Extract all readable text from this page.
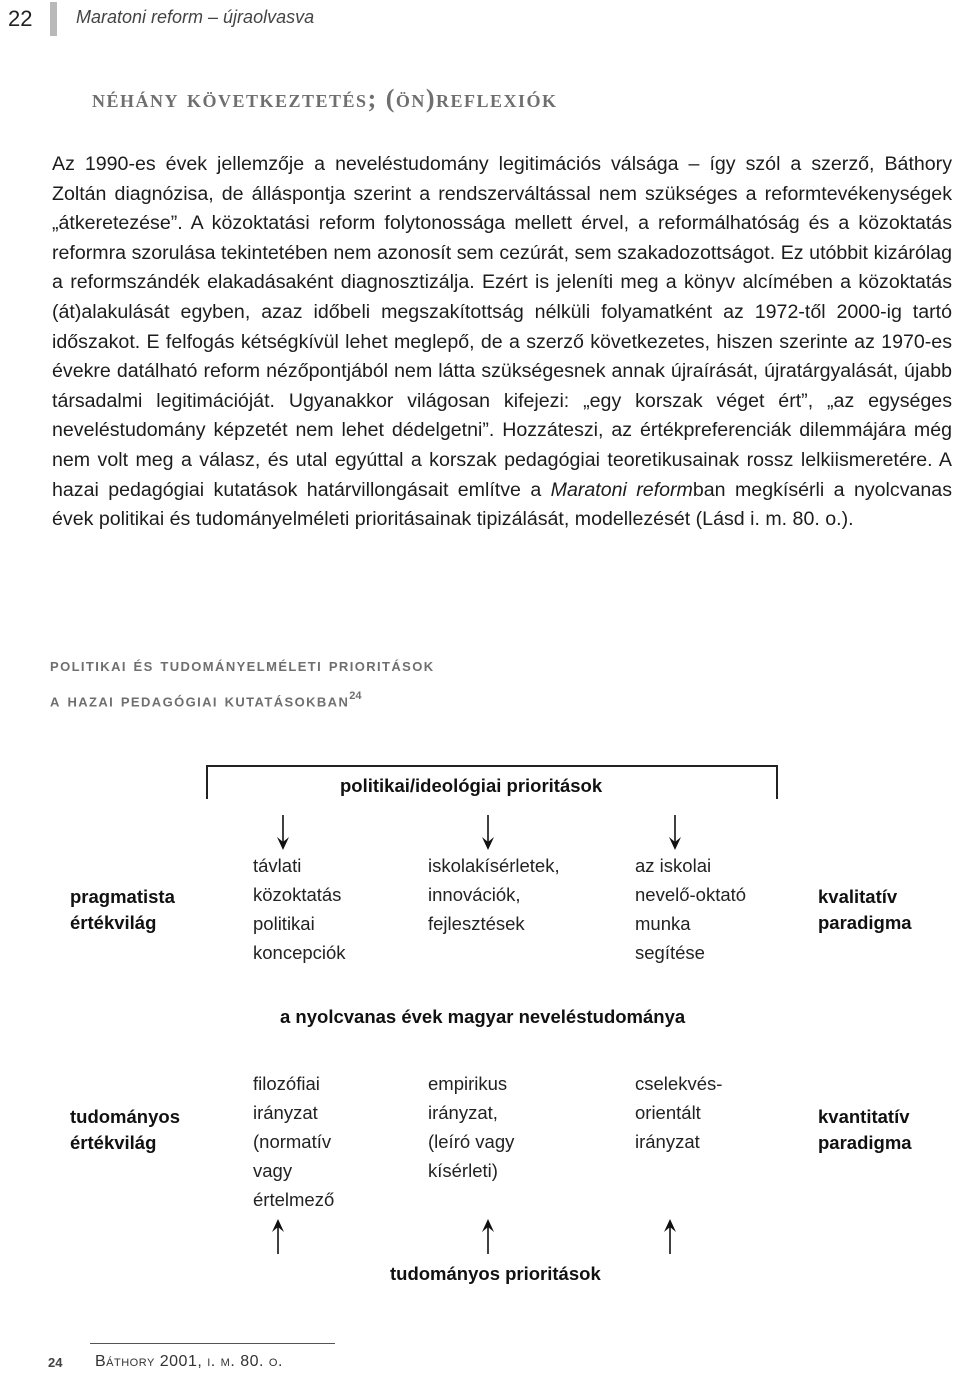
22 Maratoni reform – újraolvasva
néhány következtetés; (ön)reflexiók
Az 1990-es évek jellemzője a neveléstudomány legitimációs válsága – így szól a szerző, Báthory Zoltán diagnózisa, de álláspontja szerint a rendszerváltással nem szükséges a reformtevékenységek „átkeretezése”. A közoktatási reform folytonossága mellett érvel, a reformálhatóság és a közoktatás reformra szorulása tekintetében nem azonosít sem cezúrát, sem szakadozottságot. Ez utóbbit kizárólag a reformszándék elakadásaként diagnosztizálja. Ezért is jeleníti meg a könyv alcímében a közoktatás (át)alakulását egyben, azaz időbeli megszakítottság nélküli folyamatként az 1972-től 2000-ig tartó időszakot. E felfogás kétségkívül lehet meglepő, de a szerző következetes, hiszen szerinte az 1970-es évekre datálható reform nézőpontjából nem látta szükségesnek annak újraírását, újratárgyalását, újabb társadalmi legitimációját. Ugyanakkor világosan kifejezi: „egy korszak véget ért”, „az egységes neveléstudomány képzetét nem lehet dédelgetni”. Hozzáteszi, az értékpreferenciák dilemmájára még nem volt meg a válasz, és utal egyúttal a korszak pedagógiai teoretikusainak rossz lelkiismeretére. A hazai pedagógiai kutatások határvillongásait említve a Maratoni reformban megkísérli a nyolcvanas évek politikai és tudományelméleti prioritásainak tipizálását, modellezését (Lásd i. m. 80. o.).
politikai és tudományelméleti prioritások
a hazai pedagógiai kutatásokban$^{24}$
politikai/ideológiai prioritások
pragmatista
értékvilág
kvalitatív
paradigma
távlati
közoktatás
politikai
koncepciók
iskolakísérletek,
innovációk,
fejlesztések
az iskolai
nevelő-oktató
munka
segítése
a nyolcvanas évek magyar neveléstudománya
tudományos
értékvilág
kvantitatív
paradigma
filozófiai
irányzat
(normatív
vagy
értelmező
empirikus
irányzat,
(leíró vagy
kísérleti)
cselekvés-
orientált
irányzat
tudományos prioritások
24 Báthory 2001, i. m. 80. o.
